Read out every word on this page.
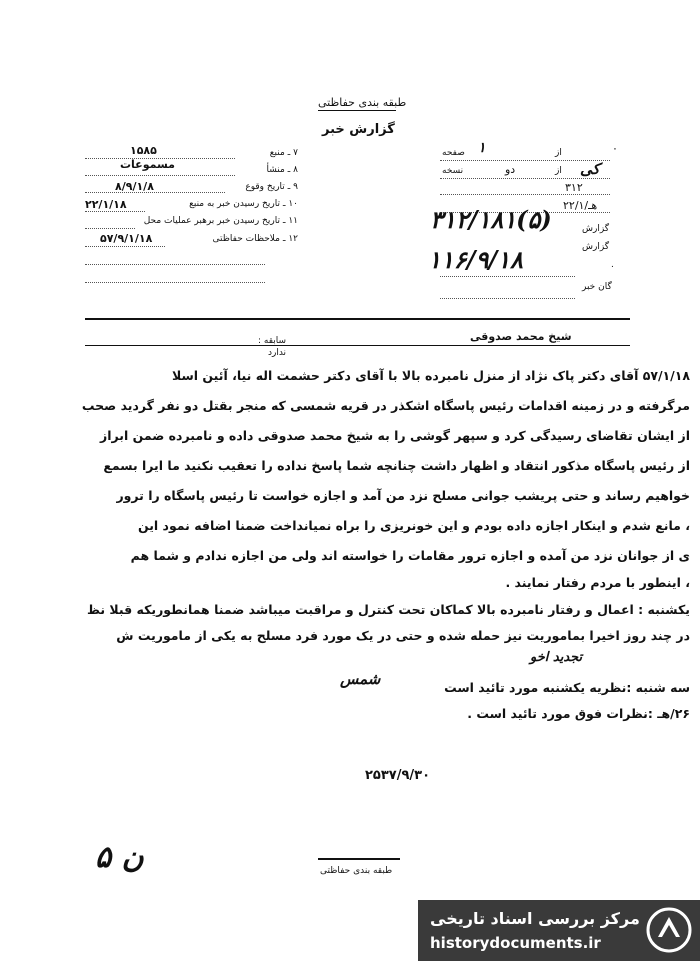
طبقه بندی حفاظتی
گزارش خبر
۷ ـ منبع
۱۵۸۵
۸ ـ منشأ
مسموعات
۹ ـ تاریخ وقوع
۸/۹/۱/۸
۱۰ ـ تاریخ رسیدن خبر به منبع
۲۲/۱/۱۸
۱۱ ـ تاریخ رسیدن خبر برهبر عملیات محل
۱۲ ـ ملاحظات حفاظتی
۵۷/۹/۱/۱۸
٠
از
صفحه ۱
از
دو
نسخه	کی
۳۱۲
۲۲/۱/هـ
گزارش
گزارش
٠
گان خبر
۳۱۲/۱۸۱(۵)
۱۱۶/۹/۱۸
شیخ محمد صدوقی
سابقه :
ندارد
۵۷/۱/۱۸ آقای دکتر پاک نژاد از منزل نامبرده بالا با آقای دکتر حشمت اله نیا، آئین اسلا
مرگرفته و در زمینه اقدامات رئیس پاسگاه اشکذر در قریه شمسی که منجر بقتل دو نفر گردید صحب
از ایشان تقاضای رسیدگی کرد و سپهر گوشی را به شیخ محمد صدوقی داده و نامبرده ضمن ابراز
از رئیس پاسگاه مذکور انتقاد و اظهار داشت چنانچه شما پاسخ نداده را تعقیب نکنید ما ایرا بسمع
خواهیم رساند و حتی پریشب جوانی مسلح نزد من آمد و اجازه خواست تا رئیس پاسگاه را ترور
، مانع شدم و اینکار اجازه داده بودم و این خونریزی را براه نمیانداخت ضمنا اضافه نمود این
ی از جوانان نزد من آمده و اجازه ترور مقامات را خواسته اند ولی من اجازه ندادم و شما هم
، اینطور با مردم رفتار نمایند .
یکشنبه : اعمال و رفتار نامبرده بالا کماکان تحت کنترل و مراقبت میباشد ضمنا همانطوریکه قبلا نظ
در چند روز اخیرا بماموریت نیز حمله شده و حتی در یک مورد فرد مسلح به یکی از ماموریت ش
تجدید اخو
سه شنبه :نظریه یکشنبه مورد تائید است
شمس
۲۶/هـ :نظرات فوق مورد تائید است .
۲۵۳۷/۹/۳۰
۵ ن	طبقه بندی حفاظتی
مرکز بررسی اسناد تاریخی
historydocuments.ir
